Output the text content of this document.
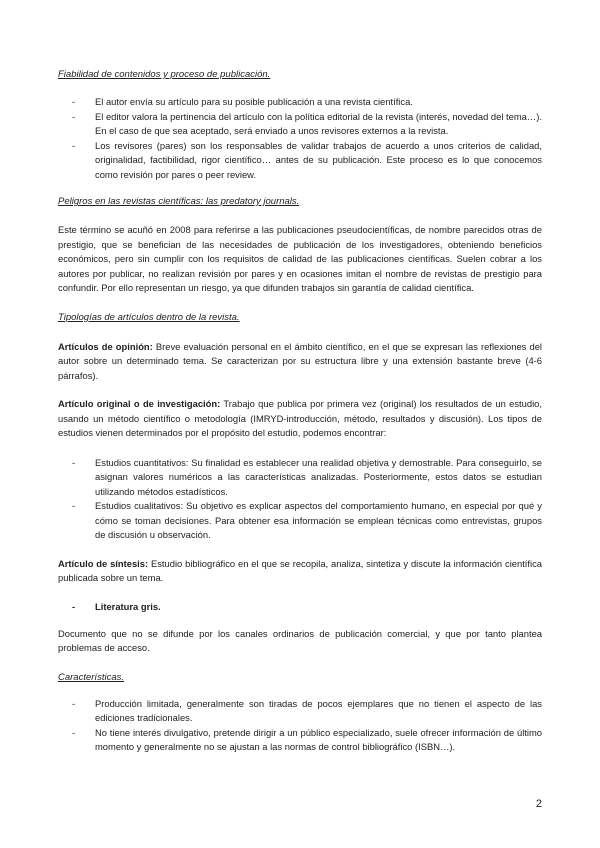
Fiabilidad de contenidos y proceso de publicación.

- El autor envía su artículo para su posible publicación a una revista científica.
- El editor valora la pertinencia del artículo con la política editorial de la revista (interés, novedad del tema…). En el caso de que sea aceptado, será enviado a unos revisores externos a la revista.
- Los revisores (pares) son los responsables de validar trabajos de acuerdo a unos criterios de calidad, originalidad, factibilidad, rigor científico… antes de su publicación. Este proceso es lo que conocemos como revisión por pares o peer review.

Peligros en las revistas científicas: las predatory journals.

Este término se acuñó en 2008 para referirse a las publicaciones pseudocientíficas, de nombre parecidos otras de prestigio, que se benefician de las necesidades de publicación de los investigadores, obteniendo beneficios económicos, pero sin cumplir con los requisitos de calidad de las publicaciones científicas. Suelen cobrar a los autores por publicar, no realizan revisión por pares y en ocasiones imitan el nombre de revistas de prestigio para confundir. Por ello representan un riesgo, ya que difunden trabajos sin garantía de calidad científica.

Tipologías de artículos dentro de la revista.

Artículos de opinión: Breve evaluación personal en el ámbito científico, en el que se expresan las reflexiones del autor sobre un determinado tema. Se caracterizan por su estructura libre y una extensión bastante breve (4-6 párrafos).

Artículo original o de investigación: Trabajo que publica por primera vez (original) los resultados de un estudio, usando un método científico o metodología (IMRYD-introducción, método, resultados y discusión). Los tipos de estudios vienen determinados por el propósito del estudio, podemos encontrar:

- Estudios cuantitativos: Su finalidad es establecer una realidad objetiva y demostrable. Para conseguirlo, se asignan valores numéricos a las características analizadas. Posteriormente, estos datos se estudian utilizando métodos estadísticos.
- Estudios cualitativos: Su objetivo es explicar aspectos del comportamiento humano, en especial por qué y cómo se toman decisiones. Para obtener esa información se emplean técnicas como entrevistas, grupos de discusión u observación.

Artículo de síntesis: Estudio bibliográfico en el que se recopila, analiza, sintetiza y discute la información científica publicada sobre un tema.

- Literatura gris.

Documento que no se difunde por los canales ordinarios de publicación comercial, y que por tanto plantea problemas de acceso.

Características.

- Producción limitada, generalmente son tiradas de pocos ejemplares que no tienen el aspecto de las ediciones tradicionales.
- No tiene interés divulgativo, pretende dirigir a un público especializado, suele ofrecer información de último momento y generalmente no se ajustan a las normas de control bibliográfico (ISBN…).
2
